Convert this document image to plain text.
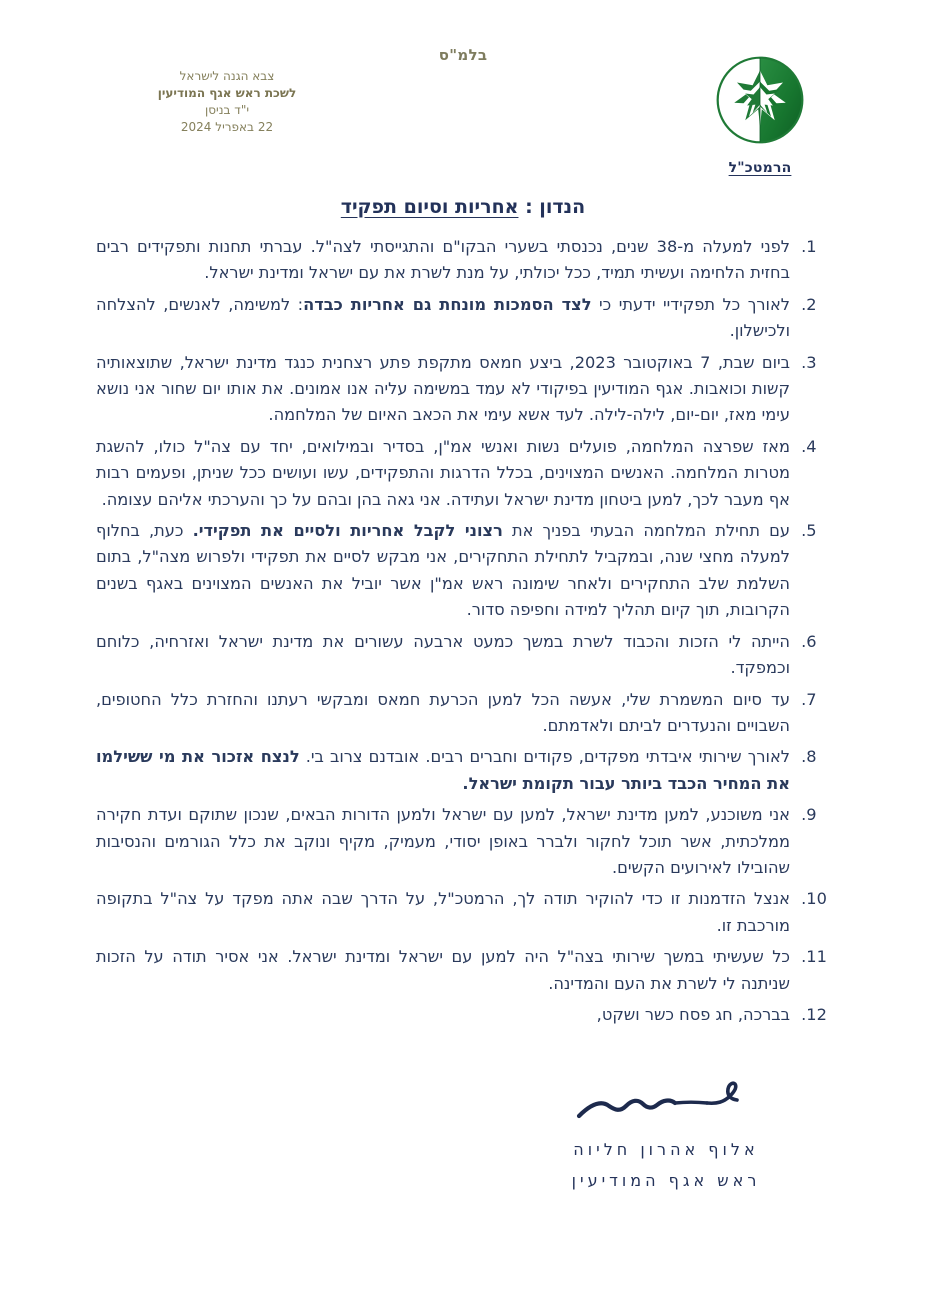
בלמ"ס
צבא הגנה לישראל
לשכת ראש אגף המודיעין
י"ד בניסן
22 באפריל 2024
הרמטכ"ל
הנדון : אחריות וסיום תפקיד
1. לפני למעלה מ-38 שנים, נכנסתי בשערי הבקו"ם והתגייסתי לצה"ל. עברתי תחנות ותפקידים רבים בחזית הלחימה ועשיתי תמיד, ככל יכולתי, על מנת לשרת את עם ישראל ומדינת ישראל.
2. לאורך כל תפקידיי ידעתי כי לצד הסמכות מונחת גם אחריות כבדה: למשימה, לאנשים, להצלחה ולכישלון.
3. ביום שבת, 7 באוקטובר 2023, ביצע חמאס מתקפת פתע רצחנית כנגד מדינת ישראל, שתוצאותיה קשות וכואבות. אגף המודיעין בפיקודי לא עמד במשימה עליה אנו אמונים. את אותו יום שחור אני נושא עימי מאז, יום-יום, לילה-לילה. לעד אשא עימי את הכאב האיום של המלחמה.
4. מאז שפרצה המלחמה, פועלים נשות ואנשי אמ"ן, בסדיר ובמילואים, יחד עם צה"ל כולו, להשגת מטרות המלחמה. האנשים המצוינים, בכלל הדרגות והתפקידים, עשו ועושים ככל שניתן, ופעמים רבות אף מעבר לכך, למען ביטחון מדינת ישראל ועתידה. אני גאה בהן ובהם על כך והערכתי אליהם עצומה.
5. עם תחילת המלחמה הבעתי בפניך את רצוני לקבל אחריות ולסיים את תפקידי. כעת, בחלוף למעלה מחצי שנה, ובמקביל לתחילת התחקירים, אני מבקש לסיים את תפקידי ולפרוש מצה"ל, בתום השלמת שלב התחקירים ולאחר שימונה ראש אמ"ן אשר יוביל את האנשים המצוינים באגף בשנים הקרובות, תוך קיום תהליך למידה וחפיפה סדור.
6. הייתה לי הזכות והכבוד לשרת במשך כמעט ארבעה עשורים את מדינת ישראל ואזרחיה, כלוחם וכמפקד.
7. עד סיום המשמרת שלי, אעשה הכל למען הכרעת חמאס ומבקשי רעתנו והחזרת כלל החטופים, השבויים והנעדרים לביתם ולאדמתם.
8. לאורך שירותי איבדתי מפקדים, פקודים וחברים רבים. אובדנם צרוב בי. לנצח אזכור את מי ששילמו את המחיר הכבד ביותר עבור תקומת ישראל.
9. אני משוכנע, למען מדינת ישראל, למען עם ישראל ולמען הדורות הבאים, שנכון שתוקם ועדת חקירה ממלכתית, אשר תוכל לחקור ולברר באופן יסודי, מעמיק, מקיף ונוקב את כלל הגורמים והנסיבות שהובילו לאירועים הקשים.
10. אנצל הזדמנות זו כדי להוקיר תודה לך, הרמטכ"ל, על הדרך שבה אתה מפקד על צה"ל בתקופה מורכבת זו.
11. כל שעשיתי במשך שירותי בצה"ל היה למען עם ישראל ומדינת ישראל. אני אסיר תודה על הזכות שניתנה לי לשרת את העם והמדינה.
12. בברכה, חג פסח כשר ושקט,
אלוף אהרון חליוה
ראש אגף המודיעין
